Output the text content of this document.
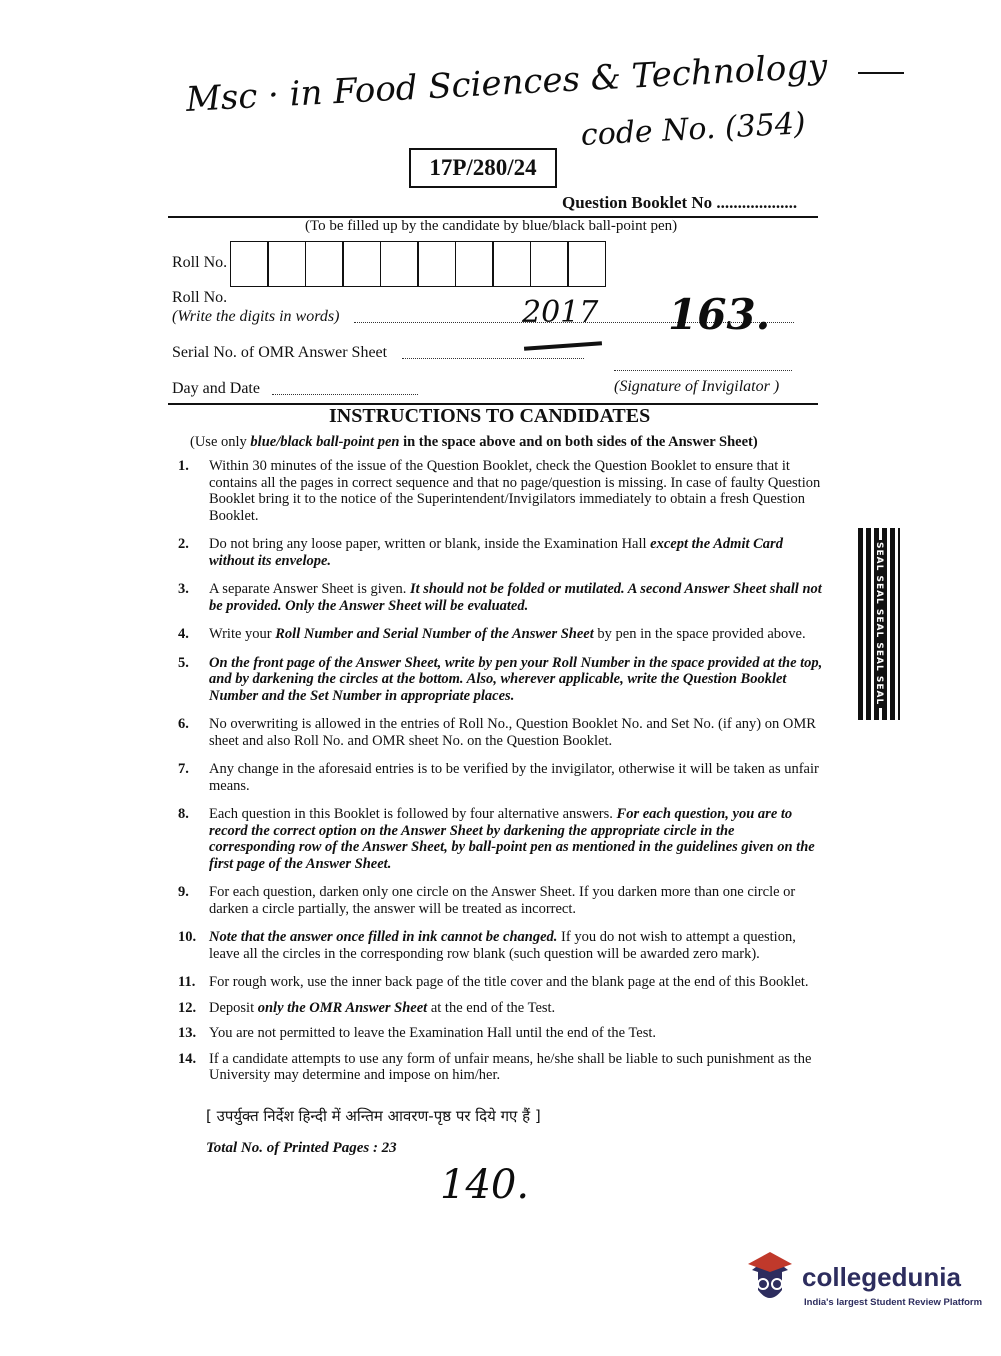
Msc · in Food Sciences & Technology
code No. (354)
17P/280/24
Question Booklet No ...................
(To be filled up by the candidate by blue/black ball-point pen)
Roll No.
Roll No.
(Write the digits in words)	2017 163.
Serial No. of OMR Answer Sheet
Day and Date	(Signature of Invigilator )
INSTRUCTIONS TO CANDIDATES
(Use only blue/black ball-point pen in the space above and on both sides of the Answer Sheet)
1. Within 30 minutes of the issue of the Question Booklet, check the Question Booklet to ensure that it contains all the pages in correct sequence and that no page/question is missing. In case of faulty Question Booklet bring it to the notice of the Superintendent/Invigilators immediately to obtain a fresh Question Booklet.
2. Do not bring any loose paper, written or blank, inside the Examination Hall except the Admit Card without its envelope.
3. A separate Answer Sheet is given. It should not be folded or mutilated. A second Answer Sheet shall not be provided. Only the Answer Sheet will be evaluated.
4. Write your Roll Number and Serial Number of the Answer Sheet by pen in the space provided above.
5. On the front page of the Answer Sheet, write by pen your Roll Number in the space provided at the top, and by darkening the circles at the bottom. Also, wherever applicable, write the Question Booklet Number and the Set Number in appropriate places.
6. No overwriting is allowed in the entries of Roll No., Question Booklet No. and Set No. (if any) on OMR sheet and also Roll No. and OMR sheet No. on the Question Booklet.
7. Any change in the aforesaid entries is to be verified by the invigilator, otherwise it will be taken as unfair means.
8. Each question in this Booklet is followed by four alternative answers. For each question, you are to record the correct option on the Answer Sheet by darkening the appropriate circle in the corresponding row of the Answer Sheet, by ball-point pen as mentioned in the guidelines given on the first page of the Answer Sheet.
9. For each question, darken only one circle on the Answer Sheet. If you darken more than one circle or darken a circle partially, the answer will be treated as incorrect.
10. Note that the answer once filled in ink cannot be changed. If you do not wish to attempt a question, leave all the circles in the corresponding row blank (such question will be awarded zero mark).
11. For rough work, use the inner back page of the title cover and the blank page at the end of this Booklet.
12. Deposit only the OMR Answer Sheet at the end of the Test.
13. You are not permitted to leave the Examination Hall until the end of the Test.
14. If a candidate attempts to use any form of unfair means, he/she shall be liable to such punishment as the University may determine and impose on him/her.
[ उपर्युक्त निर्देश हिन्दी में अन्तिम आवरण-पृष्ठ पर दिये गए हैं ]
Total No. of Printed Pages : 23
140.
SEAL SEAL SEAL SEAL SEAL
collegedunia
India's largest Student Review Platform
